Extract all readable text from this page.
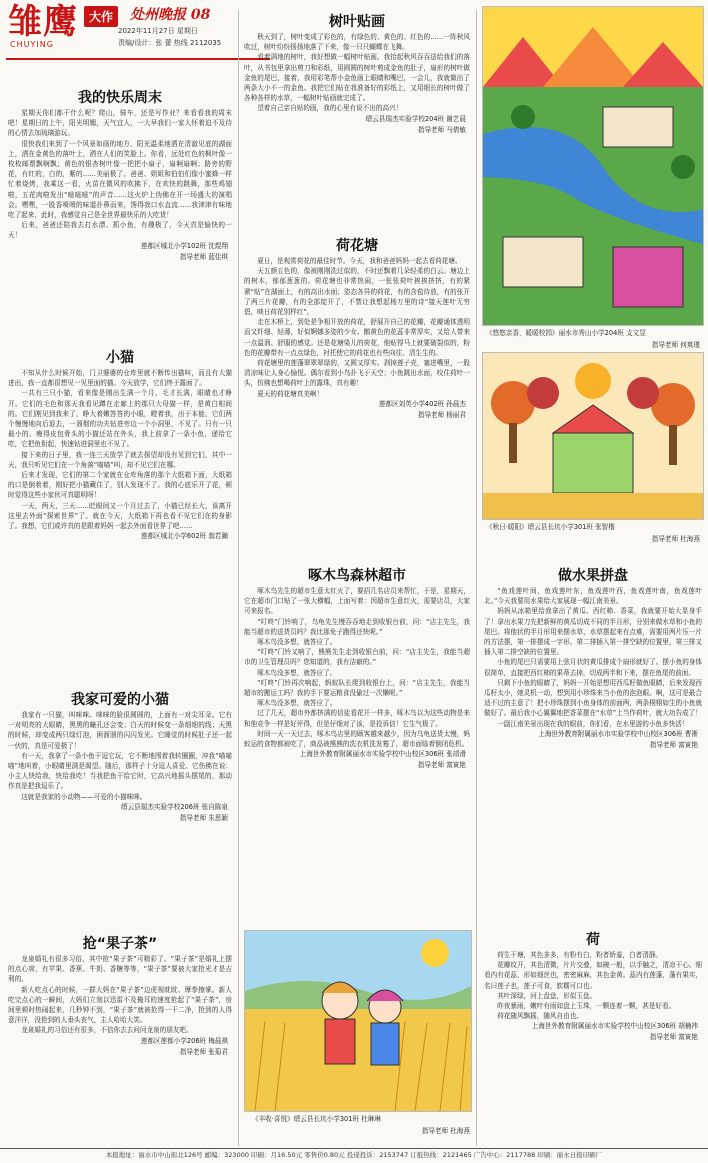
雏鹰
CHUYING
大作	处州晚报 08
2022年11月27日 星期日
责编/设计：张 蕾 热线 2112035
我的快乐周末

星期天你们都干什么呢？爬山，骑车，还是写作业？来看看我的周末吧！星期日的上午，阳光明媚，天气宜人，一大早我们一家人怀着迫不及待的心情去加琉璃游玩。

很快我们来到了一个风景如画的地方，阳光温柔地洒在清澈见底的湖面上，洒在金黄色的落叶上，洒在人们的笑脸上。你看，远处红色的枫叶像一枚枚邮票飘啊飘；黄色的银杏树叶像一把把小扇子，扇啊扇啊；路旁的野花，有红的，白的，紫的……美丽极了。爸爸、姐姐和伯伯们像小蜜蜂一样忙着烧烤，我乘这一看，火苗在微风的吹拂下，在欢快的跳舞，那些鸡翅啦，五花肉啦发出“嗞嗞嗞”的声音……这火炉上伪佛在开一场盛大的演唱会。嘿嘿，一股香喷喷的味道扑鼻而来，馋得我口水直流……我津津有味地吃了起来，此时，我感觉自己是全世界最快乐的大吃货！

后来，爸爸还陪我去打水漂、抓小鱼，有趣极了，今天真是愉快的一天！

莲都区城北小学102班 沈煜翔

指导老师 蓝佳琪

小猫

不知从什么时候开始，门卫婆婆的仓库里就不断传出猫叫，而且有大猫进出，我一直都很想见一见里面的猫。今天放学，它们终于露面了。

一共有三只小猫，看来像是刚出生满一个月，毛才长满，眼睛也才睁开。它们的毛色和那天我看见蹲在走廊上的那只大母猫一样，是黄白相间的。它们刚见到我来了，睁大着嫩答答的小眼，瞪着我，出于本能，它们两个慢慢地向后退去，一溜烟的功夫钻进旁边一个小洞里，不见了。只有一只最小的、瘦得皮包骨头的小猫还站在外头，我上前拿了一条小鱼，递给它吃，它把鱼衔起，快速钻进洞里也不见了。

接下来的日子里，我一连三天放学了就去探望却没有见到它们，其中一天，我只听见它们在一个角落“喵喵”叫，却不见它们在哪。

后来才发现，它们的第二个家就在仓库角落的那个大纸箱下面，大纸箱的口是倒着着，刚好把小猫藏住了，别人发现不了。我的心底乐开了花，顿时觉得这些小家伙可真聪明呀！

一天，两天，三天……眨眼间又一个月过去了，小猫已经长大，该离开这里去外面“探索世界”了。就在今天，大纸箱下再也看不见它们在的身影了。我想，它们或许真的是跟着妈妈一起去外面看世界了吧……

莲都区城北小学602班 翁若瀚

我家可爱的小猫

我家有一只猫，叫咪咪。咪咪的脸很圆圆的，上面有一对尖耳朵。它有一对明亮的大眼睛，黑黑的瞳孔还会变；白天的时候变一条细细的线；天黑的时候，却变成两只绿灯泡，困溜溜的闪闪发光。它睡觉的时候肚子还一起一伏的，真是可爱极了！

有一天，我拿了一条小鱼干逗它玩，它不断地围着我转圈圈，冲我“喵喵喵”地叫着，小眼睛里满是渴望。随后，那样子十分逗人喜爱。它伤佛在说：小主人快给我，快给我吃！当我把鱼干给它时，它高兴地摇头摆尾的，那动作真是把我逗乐了。

这就是我家的小动物——可爱的小猫咪咪。

缙云县瑞杰实验学校206班 张自陈泉

指导老师 朱思颖

抢“果子茶”

龙泉婚礼有很多习俗，其中抢“果子茶”可精彩了。“果子茶”是婚礼上摆的点心席，有苹果、香蕉、牛奶、香糖等等，“果子茶”要被大家抢光才是吉利的。

新人吃点心的时候，一群大妈在“果子茶”边虎视眈眈、摩拳擦掌。新人吃完点心的一瞬间，大妈们立刻以迅雷不及掩耳的速度抢起了“果子茶”，房间里顿时热闹起来，几秒钟不到，“果子茶”就被抢得一干二净，抢到的人得意洋洋，没抢到的人垂头丧气，主人哈哈大笑。

龙泉婚礼的习俗还有很多，不信你去去问问龙泉的朋友吧。

莲都区莲都小学206班 梅晨祺

指导老师 张菊君

树叶贴画

秋天到了，树叶变成了彩色的，有绿色的、黄色的、红色的……一阵秋风吹过，树叶纷纷扬扬地落了下来，像一只只蝴蝶在飞舞。

看着满地的树叶，我好想做一幅树叶贴画。我拾起秋风吞吞送给我们的落叶，从书包里拿出剪刀和彩纸，用圆圆的树叶剪成金鱼的肚子，扇形的树叶做金鱼的尾巴，接着，我用彩笔帮小金鱼画上眼睛和嘴巴，一会儿，我就做出了两条大小不一的金鱼。我把它们贴在我准备好的彩纸上，又用细长的树叶做了各种各样的水草，一幅树叶贴画就完成了。

望着自己亲自贴的画，我的心里有说不出的高兴！

缙云县瑞杰实验学校204班 谢艺晨

指导老师 马倩敏

荷花塘

夏日，是观赏荷花的最佳时节。今天，我和爸爸妈妈一起去看荷花塘。

天五颜五色的，像被刚刚洗过似的，不时还飘着几朵轻柔的白云。塘边上的树木，郁郁葱葱的。荷花塘也非常热闹，一张张荷叶挨挨挤挤，有的紧紧“贴”在湖面上，有的高出水面；姿态各异的荷花，有的含苞待放，有的张开了两三片花瓣，有的全部绽开了，不禁让我想起杨万里的诗“接天莲叶无穷碧，映日荷花别样红”。

走在木桥上，到处是争相开放的荷花，舒展开自己的花瓣，花瓣通体透明而又纤细、轻薄，好似婀娜多姿的少女。鹅黄色的花蕊非常厚实，又给人带来一点温润、舒服的感觉。还是花塘染儿的荷花，他贴得马上就要破裂似的，粉色的花瓣带有一点点绿色，衬托使它的荷花也有些向往、清生生的。

荷花塘里的莲蓬翠翠翠绿的，又圆又厚实。剥掉莲子壳，塞进嘴里，一股清凉味让人身心愉悦。偶尔看到小鸟扑飞于天空；小鱼跳出水面，咬住荷叶一头，仿佛也想喝荷叶上的露珠，真有趣！

夏天的荷花塘真美啊！

莲都区刘英小学402班 孙晨杰

指导老师 杨丽君

啄木鸟森林超市

啄木鸟先生的超市生意太红火了，要招几名店员来帮忙，于是，星期天，它在超市门口贴了一张大横幅，上面写着：因超市生意红火，需要店员，大家可来报名。

“叮咚”门铃响了，乌龟先生慢吞吞地走到收银台前，问：“店主先生，我能当超市的送货员吗？我比那免子跑得还快呢。”

啄木鸟没多想，就答应了。

“叮咚”门铃又响了，熊熊先生走到收银台前，问：“店主先生，我能当超市的卫生管理员吗？您知道的，我有洁癖的。”

啄木鸟没多想，就答应了。

“叮咚”门铃再次响起，蚂蚁队长爬到收银台上，问：“店主先生，我能当超市的搬运工吗？我的手下要运粮食没偷过一次懒呢。”

啄木鸟没多想，就答应了。

过了几天，超市外都挤满的信徒看花开一样多，啄木鸟以为这些动物是来和他竞争一样是好评得，但是仔细对了该，是投诉信！它生气极了。

时间一天一天过去，啄木鸟店里的顾客越来越少，因为乌龟送货太慢，蚂蚁运的食物都被吃了，商品被熊熊的洗衣机洗发霉了，超市面临着倒闭危机。

上海世外教育附属丽水市实验学校中山校区306班 张靖滑

指导老师 富寅艳

《丰收·喜悦》缙云县长坑小学301班 杜琳琳
指导老师 杜海燕
《悠悠亲香，暖暖校园》丽水市秀山小学204班 支文昱
指导老师 何爽瑾
《秋日·暖阳》缙云县长坑小学301班 张智楷
指导老师 杜海燕
做水果拼盘

“鱼戏莲叶间，鱼戏莲叶东，鱼戏莲叶西，鱼戏莲叶南，鱼戏莲叶北。”今天我要用水果给大家展现一幅江南美景。

妈妈从冰箱里给我拿出了黄瓜、西红柿、香菜，我就要开始大显身手了！拿出水果刀先把新鲜的黄瓜切成不同的半月形，分别来做水草和小鱼的尾巴。将他状的半月形用来摆水草，水草摆起来有点难，需要用两片压一片的方法摆，第一排摆成一字形，第二排插入第一排空缺的位置里，第三排又插入第二排空缺的位置里。

小鱼的尾巴只需要用上弦月状的黄瓜排成个扇形就好了。摆小鱼的身体很简单，直接把西红柿的果蒂去掉，切成两半和下来，摆在鱼尾的前面。

只剩下小鱼的眼睛了，妈妈一开始是想用西瓜籽做鱼眼睛，后来发现西瓜籽太小，她灵机一动，想到用小珍珠来当小鱼的泡泡眼。啊，这可是最合适不过的主意了！把小珍珠摆到小鱼身体的前面两，两条栩栩如生的小鱼就做好了。最后我小心翼翼地把香菜摆在“水草”上当作荷叶，就大功告成了！

一副江南美景出现在我的眼前，你们看，在水里游的小鱼多快活！

上海世外教育附属丽水市实验学校中山校区306班 曹淅

指导老师 富寅艳

荷

荷生干塘，其色多多，有粉有白，粉者娇羞，白者清静。

花瓣纹开，其色清微，片片交叠，如碗一般，以手触之，清凉干心。细看内有花蕊，形如细丝也，密密麻麻，其色金黄。蕊内有莲蓬，蓬有果实，名曰莲子也，莲子可食，软糯可口也。

其叶深绿，河上盘盘，形似玉盘。

昨夜暴雨，嫩叶有雨如盘上玉珠，一颗连着一颗，甚是好看。

荷花随风飘摇，随风自由也。

上海世外教育附属丽水市实验学校中山校区306班 胡楠祎

指导老师 富寅艳

本报地址：丽水市中山街北126号 邮编：323000 印刷：月16.50元 零售价0.80元 投递投诉：2153747 订报热线：2121465 广告中心：2117788 印刷：丽水日报印刷厂
